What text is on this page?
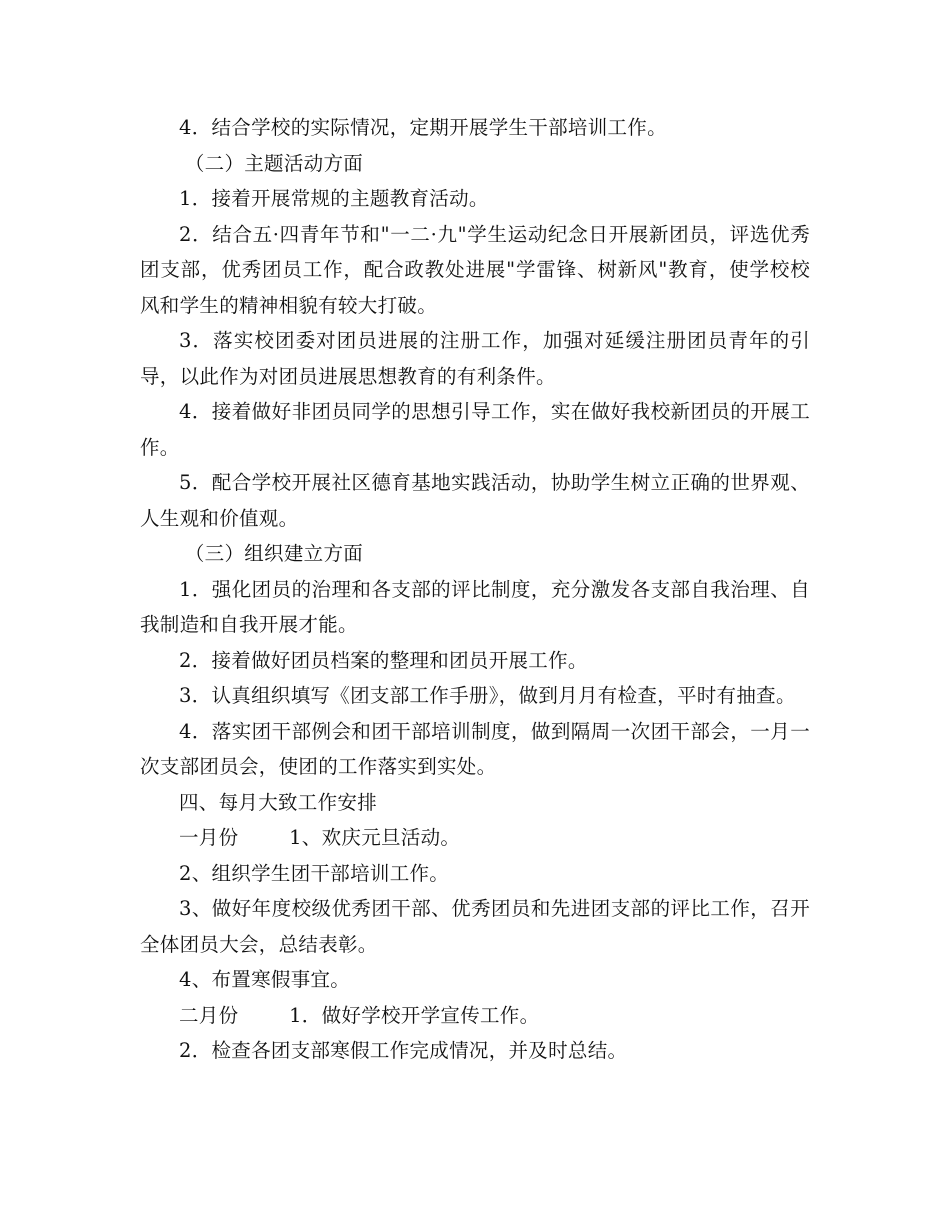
4．结合学校的实际情况，定期开展学生干部培训工作。

（二）主题活动方面

1．接着开展常规的主题教育活动。

2．结合五·四青年节和"一二·九"学生运动纪念日开展新团员，评选优秀团支部，优秀团员工作，配合政教处进展"学雷锋、树新风"教育，使学校校风和学生的精神相貌有较大打破。

3．落实校团委对团员进展的注册工作，加强对延缓注册团员青年的引导，以此作为对团员进展思想教育的有利条件。

4．接着做好非团员同学的思想引导工作，实在做好我校新团员的开展工作。

5．配合学校开展社区德育基地实践活动，协助学生树立正确的世界观、人生观和价值观。

（三）组织建立方面

1．强化团员的治理和各支部的评比制度，充分激发各支部自我治理、自我制造和自我开展才能。

2．接着做好团员档案的整理和团员开展工作。

3．认真组织填写《团支部工作手册》，做到月月有检查，平时有抽查。

4．落实团干部例会和团干部培训制度，做到隔周一次团干部会，一月一次支部团员会，使团的工作落实到实处。

四、每月大致工作安排

一月份	1、欢庆元旦活动。

2、组织学生团干部培训工作。

3、做好年度校级优秀团干部、优秀团员和先进团支部的评比工作，召开全体团员大会，总结表彰。

4、布置寒假事宜。

二月份	1．做好学校开学宣传工作。

2．检查各团支部寒假工作完成情况，并及时总结。
